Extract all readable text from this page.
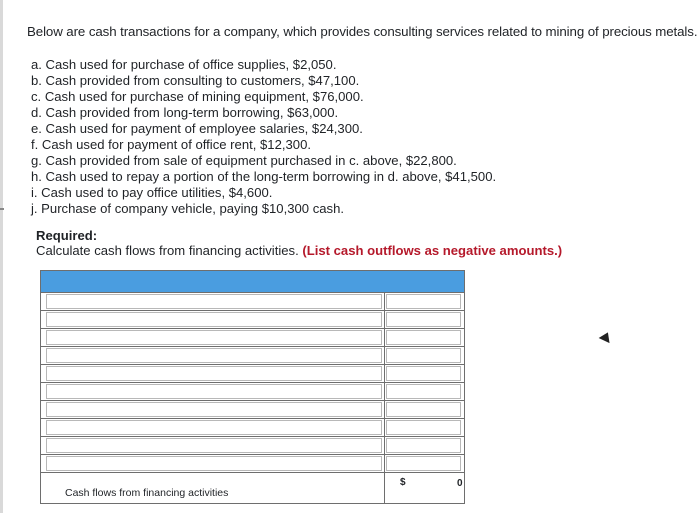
Below are cash transactions for a company, which provides consulting services related to mining of precious metals.
a. Cash used for purchase of office supplies, $2,050.
b. Cash provided from consulting to customers, $47,100.
c. Cash used for purchase of mining equipment, $76,000.
d. Cash provided from long-term borrowing, $63,000.
e. Cash used for payment of employee salaries, $24,300.
f. Cash used for payment of office rent, $12,300.
g. Cash provided from sale of equipment purchased in c. above, $22,800.
h. Cash used to repay a portion of the long-term borrowing in d. above, $41,500.
i. Cash used to pay office utilities, $4,600.
j. Purchase of company vehicle, paying $10,300 cash.
Required:
Calculate cash flows from financing activities. (List cash outflows as negative amounts.)
Cash flows from financing activities
$	0
